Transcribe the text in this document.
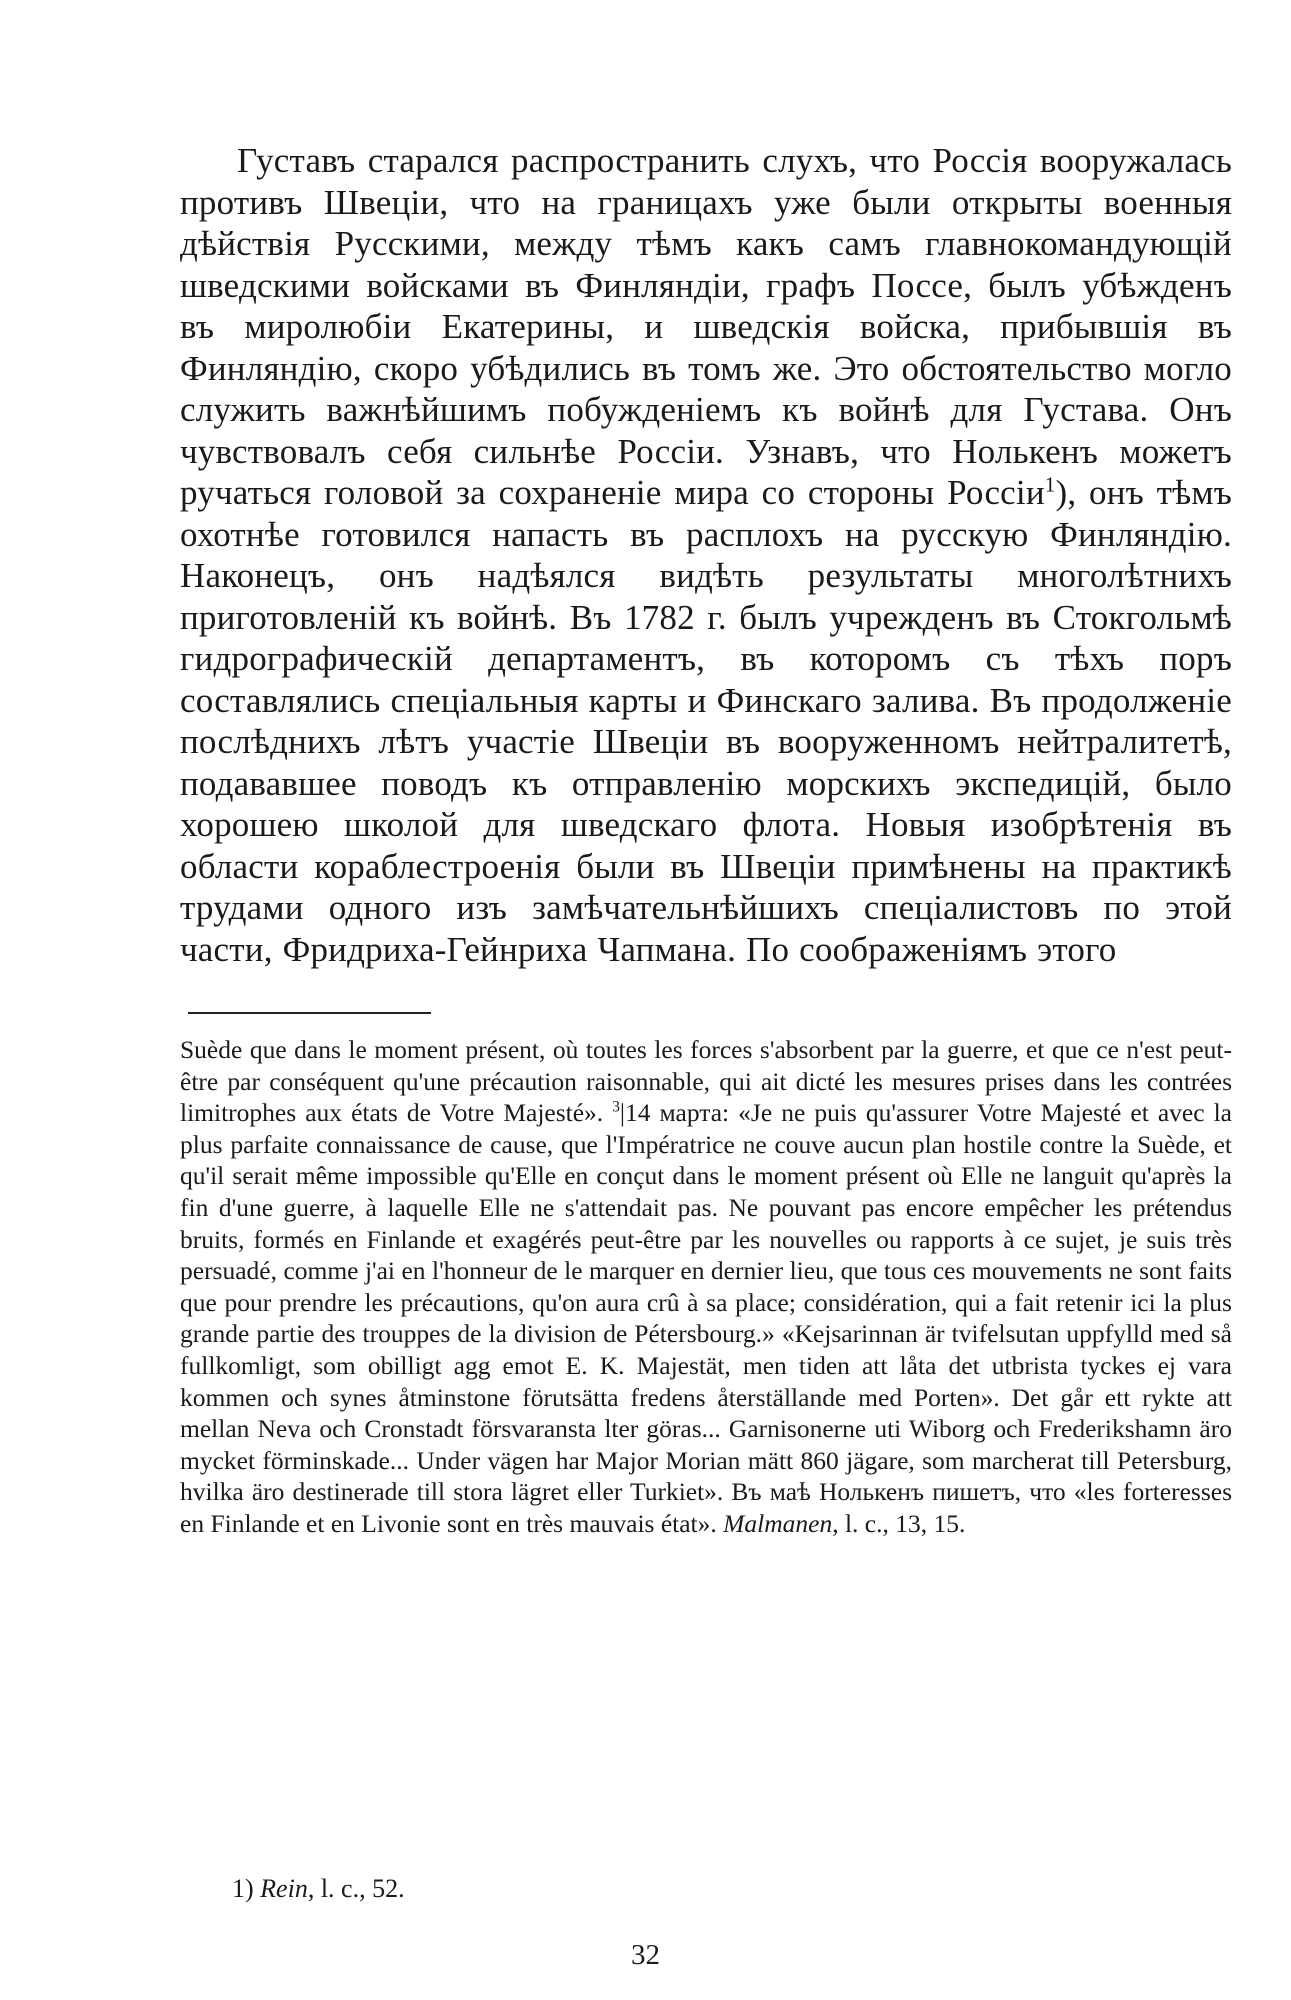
Густавъ старался распространить слухъ, что Россія вооружалась противъ Швеціи, что на границахъ уже были открыты военныя дѣйствія Русскими, между тѣмъ какъ самъ главнокомандующій шведскими войсками въ Финляндіи, графъ Поссе, былъ убѣжденъ въ миролюбіи Екатерины, и шведскія войска, прибывшія въ Финляндію, скоро убѣдились въ томъ же. Это обстоятельство могло служить важнѣйшимъ побужденіемъ къ войнѣ для Густава. Онъ чувствовалъ себя сильнѣе Россіи. Узнавъ, что Нолькенъ можетъ ручаться головой за сохраненіе мира со стороны Россіи$^1$), онъ тѣмъ охотнѣе готовился напасть въ расплохъ на русскую Финляндію. Наконецъ, онъ надѣялся видѣть результаты многолѣтнихъ приготовленій къ войнѣ. Въ 1782 г. былъ учрежденъ въ Стокгольмѣ гидрографическій департаментъ, въ которомъ съ тѣхъ поръ составлялись спеціальныя карты и Финскаго залива. Въ продолженіе послѣднихъ лѣтъ участіе Швеціи въ вооруженномъ нейтралитетѣ, подававшее поводъ къ отправленію морскихъ экспедицій, было хорошею школой для шведскаго флота. Новыя изобрѣтенія въ области кораблестроенія были въ Швеціи примѣнены на практикѣ трудами одного изъ замѣчательнѣйшихъ спеціалистовъ по этой части, Фридриха-Гейнриха Чапмана. По соображеніямъ этого

Suède que dans le moment présent, où toutes les forces s'absorbent par la guerre, et que ce n'est peut-être par conséquent qu'une précaution raisonnable, qui ait dicté les mesures prises dans les contrées limitrophes aux états de Votre Majesté». $^3$|14 марта: «Je ne puis qu'assurer Votre Majesté et avec la plus parfaite connaissance de cause, que l'Impératrice ne couve aucun plan hostile contre la Suède, et qu'il serait même impossible qu'Elle en conçut dans le moment présent où Elle ne languit qu'après la fin d'une guerre, à laquelle Elle ne s'attendait pas. Ne pouvant pas encore empêcher les prétendus bruits, formés en Finlande et exagérés peut-être par les nouvelles ou rapports à ce sujet, je suis très persuadé, comme j'ai en l'honneur de le marquer en dernier lieu, que tous ces mouvements ne sont faits que pour prendre les précautions, qu'on aura crû à sa place; considération, qui a fait retenir ici la plus grande partie des trouppes de la division de Pétersbourg.» «Kejsarinnan är tvifelsutan uppfylld med så fullkomligt, som obilligt agg emot E. K. Majestät, men tiden att låta det utbrista tyckes ej vara kommen och synes åtminstone förutsätta fredens återställande med Porten». Det går ett rykte att mellan Neva och Cronstadt försvaransta lter göras... Garnisonerne uti Wiborg och Frederikshamn äro mycket förminskade... Under vägen har Major Morian mätt 860 jägare, som marcherat till Petersburg, hvilka äro destinerade till stora lägret eller Turkiet». Въ маѣ Нолькенъ пишетъ, что «les forteresses en Finlande et en Livonie sont en très mauvais état». Malmanen, l. c., 13, 15.

1) Rein, l. c., 52.

32
